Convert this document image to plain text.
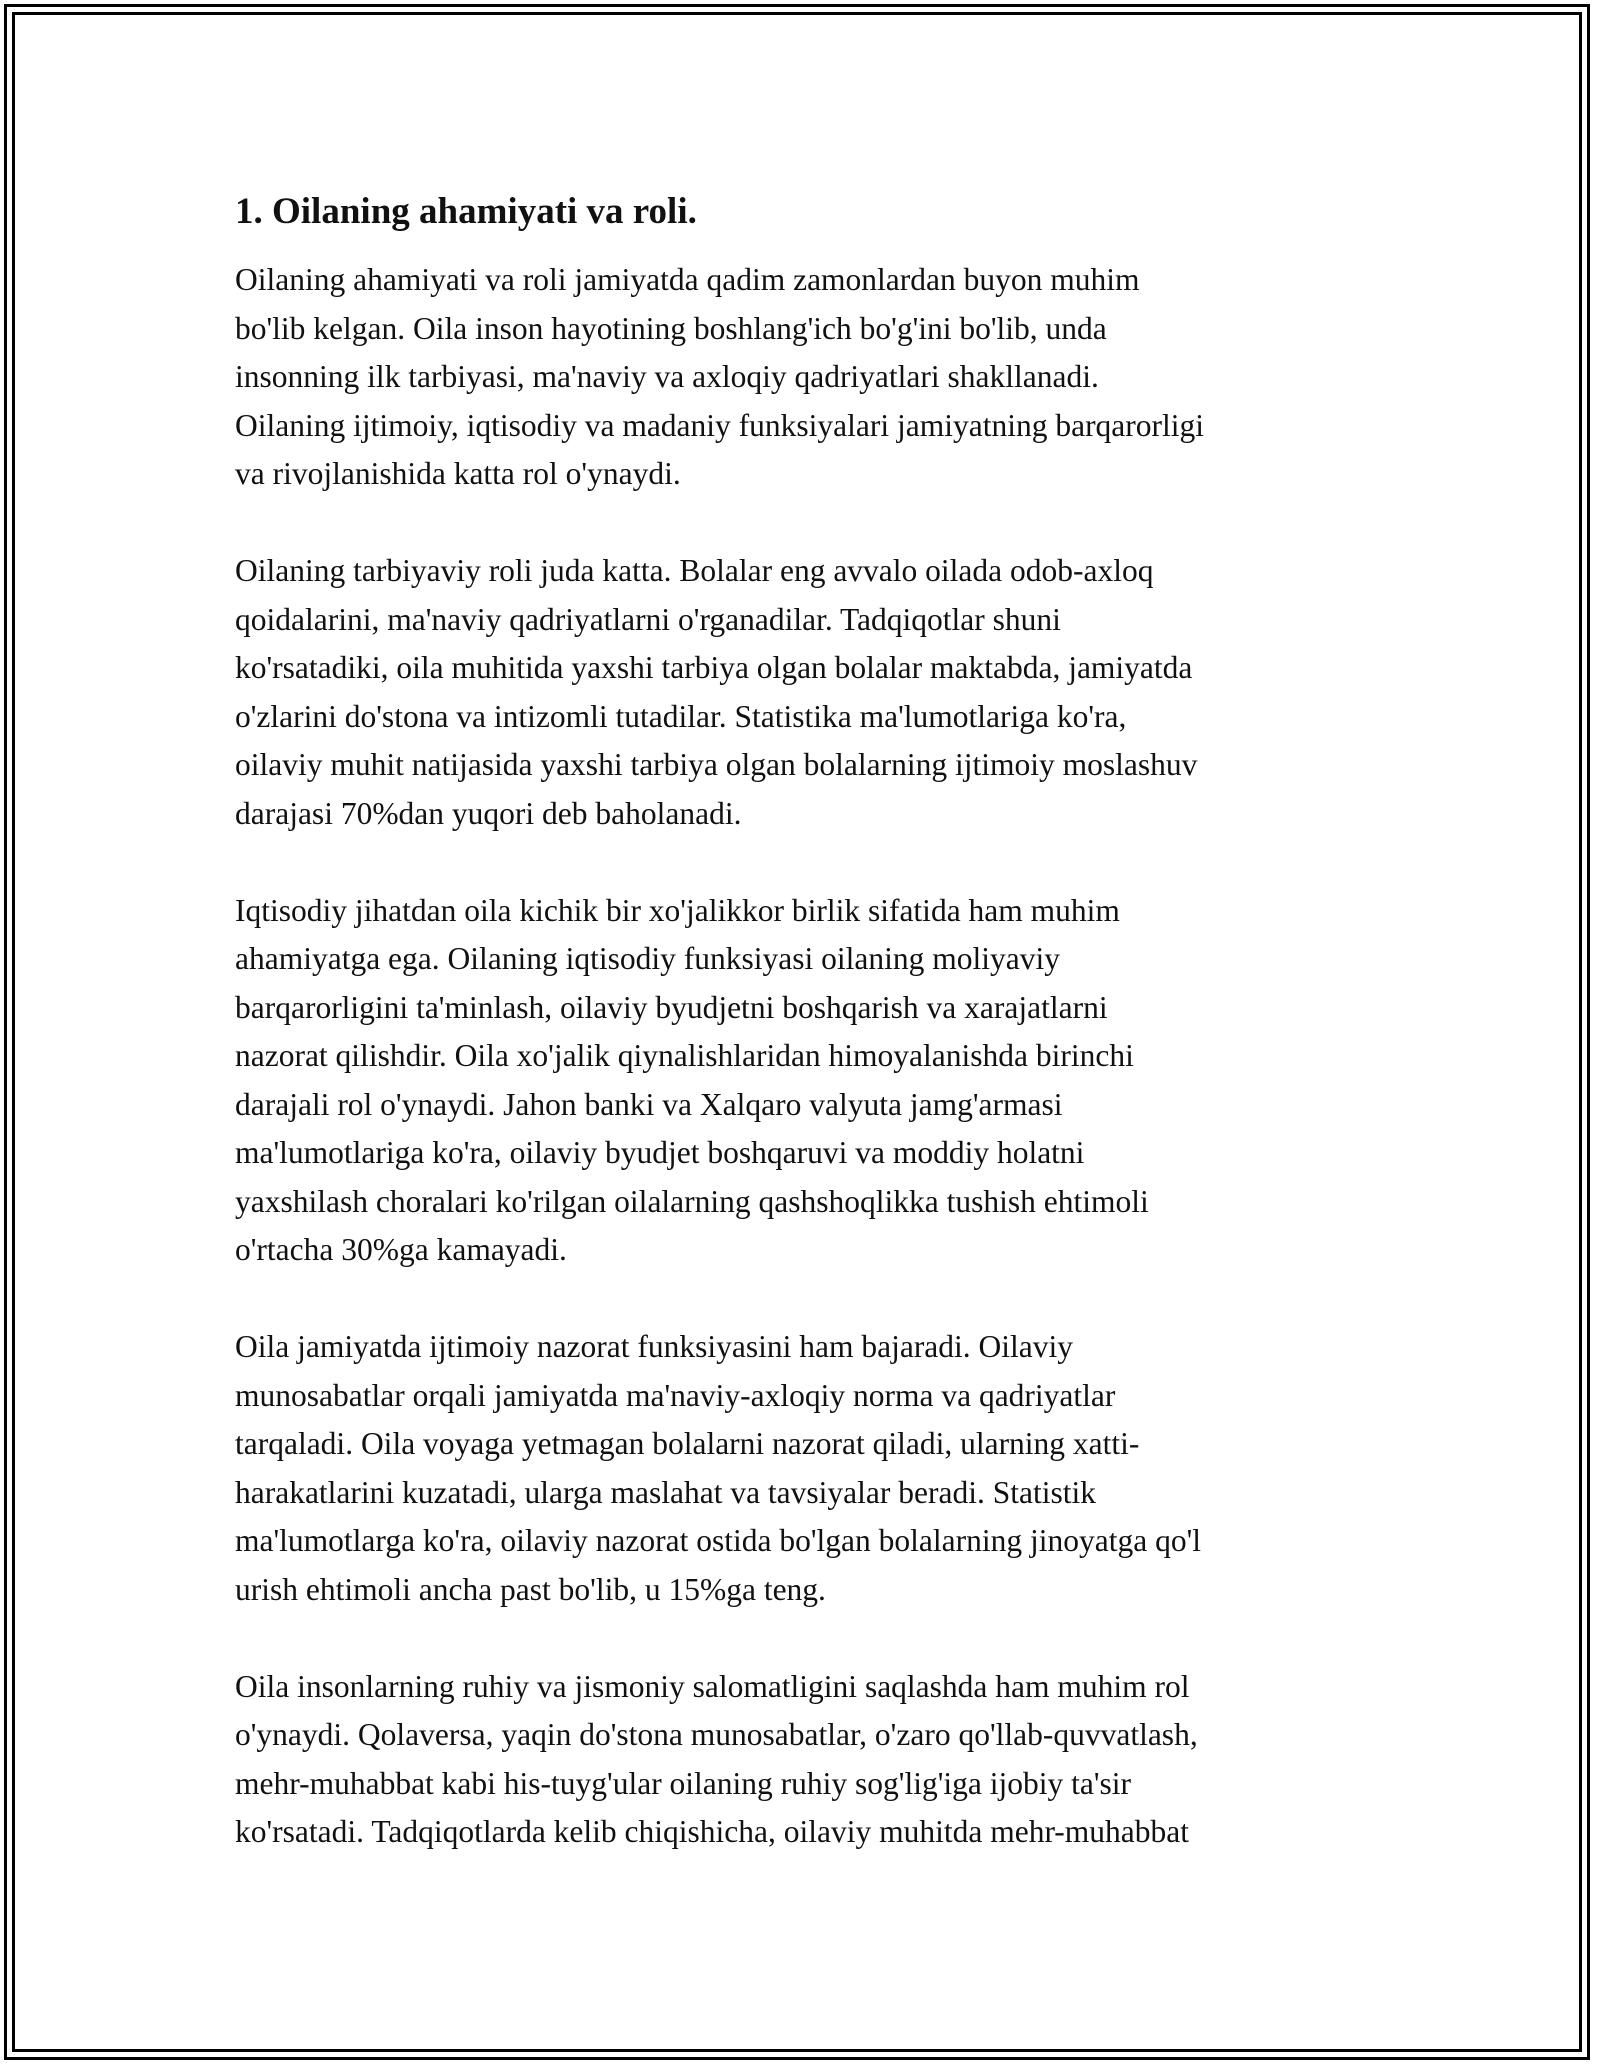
1. Oilaning ahamiyati va roli.
Oilaning ahamiyati va roli jamiyatda qadim zamonlardan buyon muhim
bo'lib kelgan. Oila inson hayotining boshlang'ich bo'g'ini bo'lib, unda
insonning ilk tarbiyasi, ma'naviy va axloqiy qadriyatlari shakllanadi.
Oilaning ijtimoiy, iqtisodiy va madaniy funksiyalari jamiyatning barqarorligi
va rivojlanishida katta rol o'ynaydi.
Oilaning tarbiyaviy roli juda katta. Bolalar eng avvalo oilada odob-axloq
qoidalarini, ma'naviy qadriyatlarni o'rganadilar. Tadqiqotlar shuni
ko'rsatadiki, oila muhitida yaxshi tarbiya olgan bolalar maktabda, jamiyatda
o'zlarini do'stona va intizomli tutadilar. Statistika ma'lumotlariga ko'ra,
oilaviy muhit natijasida yaxshi tarbiya olgan bolalarning ijtimoiy moslashuv
darajasi 70%dan yuqori deb baholanadi.
Iqtisodiy jihatdan oila kichik bir xo'jalikkor birlik sifatida ham muhim
ahamiyatga ega. Oilaning iqtisodiy funksiyasi oilaning moliyaviy
barqarorligini ta'minlash, oilaviy byudjetni boshqarish va xarajatlarni
nazorat qilishdir. Oila xo'jalik qiynalishlaridan himoyalanishda birinchi
darajali rol o'ynaydi. Jahon banki va Xalqaro valyuta jamg'armasi
ma'lumotlariga ko'ra, oilaviy byudjet boshqaruvi va moddiy holatni
yaxshilash choralari ko'rilgan oilalarning qashshoqlikka tushish ehtimoli
o'rtacha 30%ga kamayadi.
Oila jamiyatda ijtimoiy nazorat funksiyasini ham bajaradi. Oilaviy
munosabatlar orqali jamiyatda ma'naviy-axloqiy norma va qadriyatlar
tarqaladi. Oila voyaga yetmagan bolalarni nazorat qiladi, ularning xatti-
harakatlarini kuzatadi, ularga maslahat va tavsiyalar beradi. Statistik
ma'lumotlarga ko'ra, oilaviy nazorat ostida bo'lgan bolalarning jinoyatga qo'l
urish ehtimoli ancha past bo'lib, u 15%ga teng.
Oila insonlarning ruhiy va jismoniy salomatligini saqlashda ham muhim rol
o'ynaydi. Qolaversa, yaqin do'stona munosabatlar, o'zaro qo'llab-quvvatlash,
mehr-muhabbat kabi his-tuyg'ular oilaning ruhiy sog'lig'iga ijobiy ta'sir
ko'rsatadi. Tadqiqotlarda kelib chiqishicha, oilaviy muhitda mehr-muhabbat
